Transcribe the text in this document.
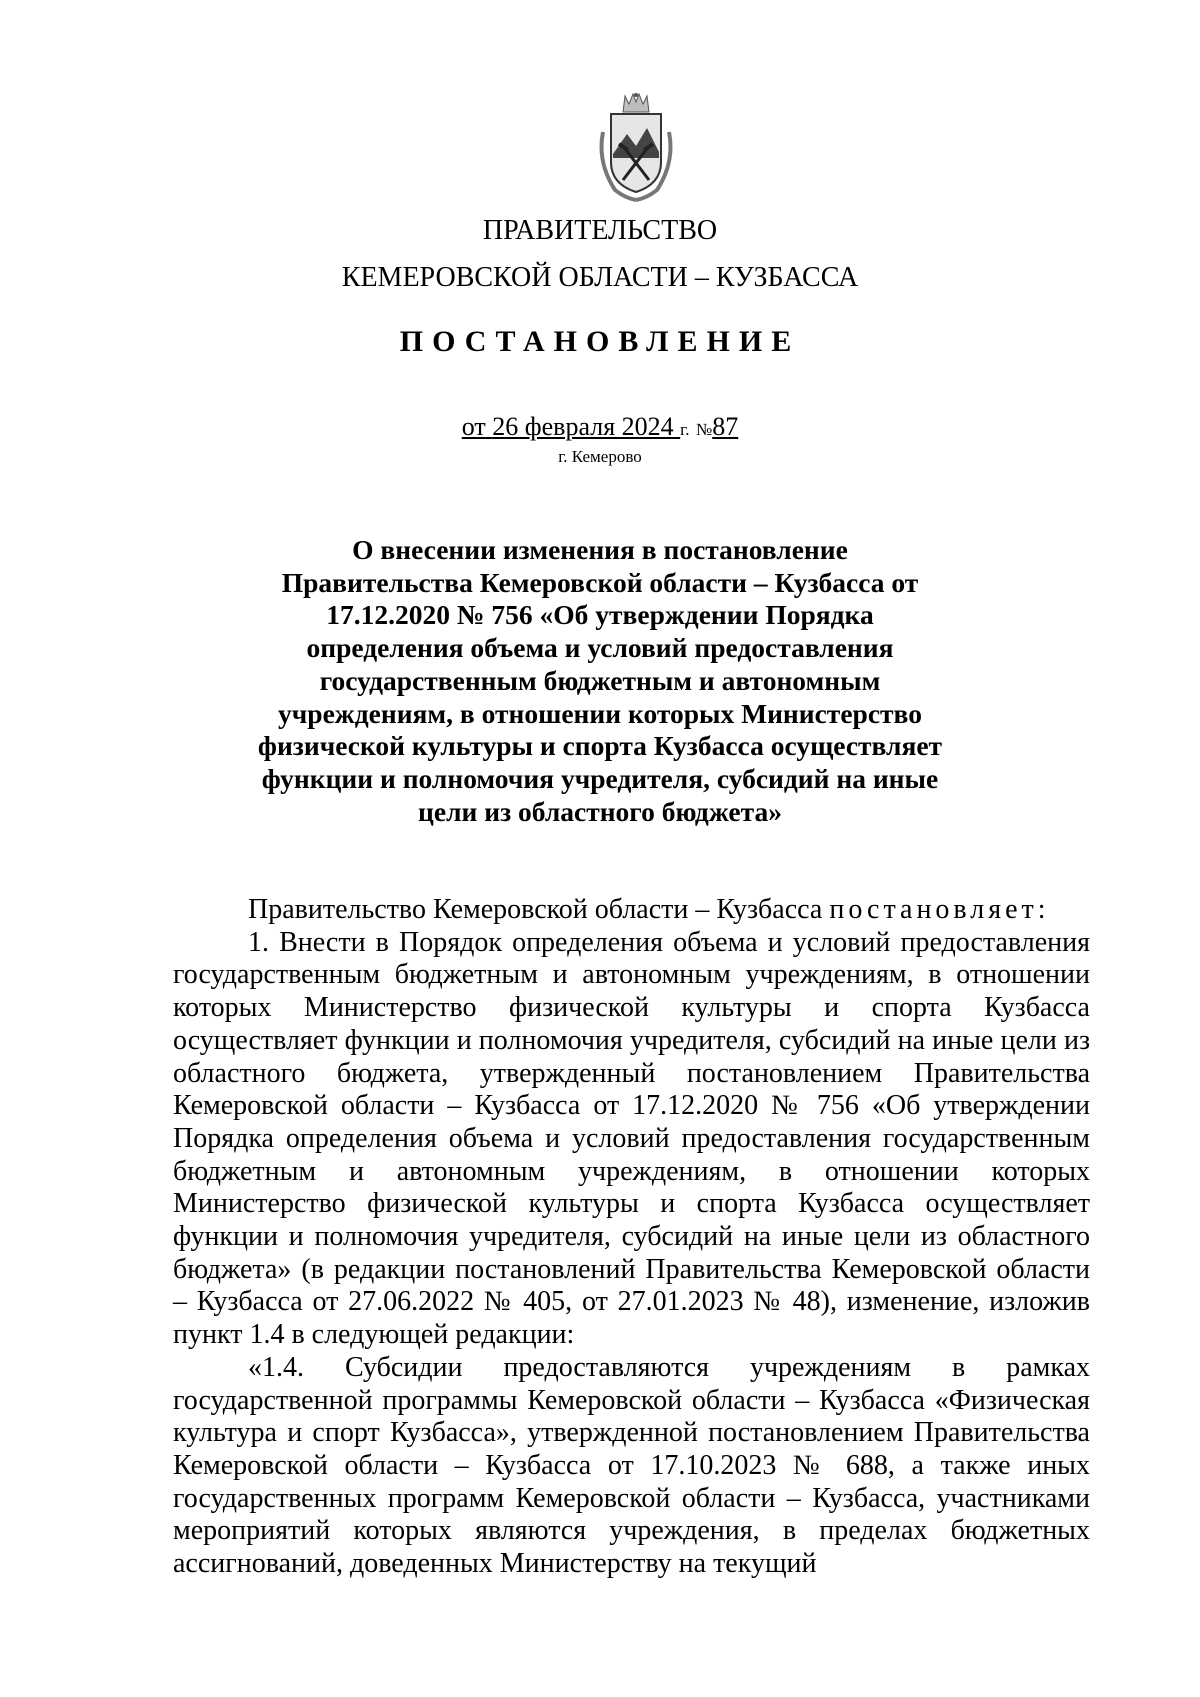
ПРАВИТЕЛЬСТВО
КЕМЕРОВСКОЙ ОБЛАСТИ – КУЗБАССА
ПОСТАНОВЛЕНИЕ
от 26 февраля 2024 г. №87
г. Кемерово
О внесении изменения в постановление Правительства Кемеровской области – Кузбасса от 17.12.2020 № 756 «Об утверждении Порядка определения объема и условий предоставления государственным бюджетным и автономным учреждениям, в отношении которых Министерство физической культуры и спорта Кузбасса осуществляет функции и полномочия учредителя, субсидий на иные цели из областного бюджета»

Правительство Кемеровской области – Кузбасса постановляет:

1. Внести в Порядок определения объема и условий предоставления государственным бюджетным и автономным учреждениям, в отношении которых Министерство физической культуры и спорта Кузбасса осуществляет функции и полномочия учредителя, субсидий на иные цели из областного бюджета, утвержденный постановлением Правительства Кемеровской области – Кузбасса от 17.12.2020 № 756 «Об утверждении Порядка определения объема и условий предоставления государственным бюджетным и автономным учреждениям, в отношении которых Министерство физической культуры и спорта Кузбасса осуществляет функции и полномочия учредителя, субсидий на иные цели из областного бюджета» (в редакции постановлений Правительства Кемеровской области – Кузбасса от 27.06.2022 № 405, от 27.01.2023 № 48), изменение, изложив пункт 1.4 в следующей редакции:

«1.4. Субсидии предоставляются учреждениям в рамках государственной программы Кемеровской области – Кузбасса «Физическая культура и спорт Кузбасса», утвержденной постановлением Правительства Кемеровской области – Кузбасса от 17.10.2023 № 688, а также иных государственных программ Кемеровской области – Кузбасса, участниками мероприятий которых являются учреждения, в пределах бюджетных ассигнований, доведенных Министерству на текущий
